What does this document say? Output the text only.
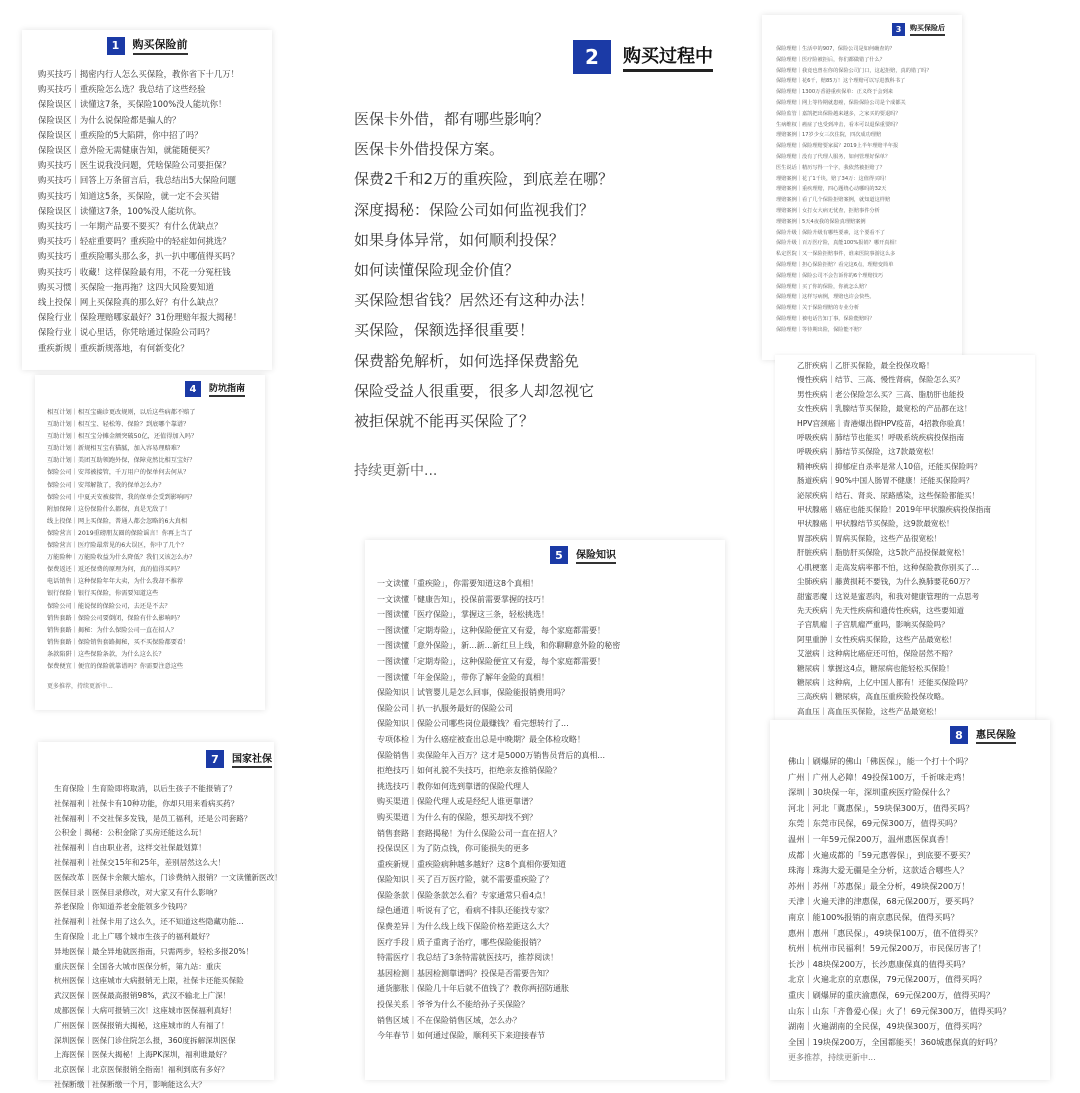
1	购买保险前
购买技巧｜揭密内行人怎么买保险，教你省下十几万！
购买技巧｜重疾险怎么选？我总结了这些经验
保险误区｜读懂这7条，买保险100%没人能坑你！
保险误区｜为什么说保险都是骗人的？
保险误区｜重疾险的5大陷阱，你中招了吗？
保险误区｜意外险无需健康告知，就能随便买？
购买技巧｜医生说我没问题，凭啥保险公司要拒保？
购买技巧｜回答上万条留言后，我总结出5大保险问题
购买技巧｜知道这5条，买保险，就一定不会买错
保险误区｜读懂这7条，100%没人能坑你。
购买技巧｜一年期产品要不要买？有什么优缺点？
购买技巧｜轻症重要吗？重疾险中的轻症如何挑选？
购买技巧｜重疾险哪头那么多，扒一扒中哪值得买吗？
购买技巧｜收藏！这样保险最有用，不花一分冤枉钱
购买习惯｜买保险一拖再拖？这四大风险要知道
线上投保｜网上买保险真的那么好？有什么缺点？
保险行业｜保险理赔哪家最好？31份理赔年报大揭秘！
保险行业｜说心里话，你凭啥通过保险公司吗？
重疾新规｜重疾新规落地，有何新变化？
4	防坑指南
相互计划｜相互宝确诊更改规则，以后这些病都不赔了
互助计划｜相互宝、轻松筹、保险？到底哪个靠谱？
互助计划｜相互宝分摊金额突破50亿，还值得加入吗？
互助计划｜新规相互宝有猫腻，加入容易理赔难？
互助计划｜美团互助领跑外保，保障竟然比相互宝好？
保险公司｜安邦被接管，千万用户的保单何去何从？
保险公司｜安邦解散了，我的保单怎么办？
保险公司｜中夏天安被接管，我的保单会受到影响吗？
附加保障｜这份保险什么都保，真是无敌了！
线上投保｜网上买保险，普通人都会忽略的6大真相
保险营言｜2019重磅朋友圈的保险谣言！你再上当了
保险营言｜医疗险最常见的6大误区，你中了几个？
万能险种｜万能险收益为什么降低？我们又该怎么办？
保费返还｜返还保费的原理为何，真的值得买吗？
电话销售｜这种保险年年大卖，为什么我却不推荐
银行保险｜银行买保险，你需要知道这些
保险公司｜能说保的保险公司，去还是不去？
销售套路｜保险公司要倒闭，保险有什么影响吗？
销售套路｜揭秘：为什么保险公司一直在招人？
销售套路｜保险销售套路揭秘，买不买保险都要看！
条款陷阱｜这些保险条款，为什么这么长？
保费便宜｜便宜的保险就靠谱吗？你需要注意这些
更多推荐，持续更新中...
7	国家社保
生育保险｜生育险即将取消，以后生孩子不能报销了？
社保福利｜社保卡有10种功能，你却只用来看病买药？
社保福利｜不交社保多发钱，是员工福利，还是公司套路？
公积金｜揭秘：公积金除了买房还能这么玩！
社保福利｜自由职业者，这样交社保最划算！
社保福利｜社保交15年和25年，差别居然这么大！
医保改革｜医保卡余额大缩水，门诊费纳入报销？一文读懂新医改！
医保目录｜医保目录修改，对大家又有什么影响？
养老保险｜你知道养老金能领多少钱吗？
社保福利｜社保卡用了这么久，还不知道这些隐藏功能...
生育保险｜北上广哪个城市生孩子的福利最好？
异地医保｜最全异地就医指南，只需两步，轻松多报20%！
重庆医保｜全国各大城市医保分析，第九站：重庆
杭州医保｜这座城市大病报销无上限，社保卡还能买保险
武汉医保｜医保最高报销98%，武汉不输北上广深！
成都医保｜大病可报销三次！这座城市医保福利真好！
广州医保｜医保报销大揭秘，这座城市的人有福了！
深圳医保｜医保门诊住院怎么报，360度拆解深圳医保
上海医保｜医保大揭秘！上海PK深圳，福利谁最好？
北京医保｜北京医保报销全指南！福利到底有多好？
社保断缴｜社保断缴一个月，影响能这么大？
2	购买过程中
医保卡外借，都有哪些影响？
医保卡外借投保方案。
保费2千和2万的重疾险，到底差在哪？
深度揭秘：保险公司如何监视我们？
如果身体异常，如何顺利投保？
如何读懂保险现金价值？
买保险想省钱？居然还有这种办法！
买保险，保额选择很重要！
保费豁免解析，如何选择保费豁免
保险受益人很重要，很多人却忽视它
被拒保就不能再买保险了？
持续更新中...
3	购买保险后
保险理赔｜生活中的907，保险公司是如何确查的？
保险理赔｜医疗险被拒后，你们都做错了什么？
保险理赔｜我竟也曾在你的保险公司门口，这起拒赔，真的错了吗？
保险理赔｜花6千，赔85万！这个理赔可以写进教科书了
保险理赔｜1300万香港重疾保单：正义终于会到来
保险理赔｜网上等待期就患癌，保险保险公司是个成都关
保险监管｜嘉凯把出保险越来越多，之家买的要退吗？
生病维权｜癌症了也受到冲击，看本可以退保重要吗？
理赔案例｜17岁少女三次住院，四次成功理赔
保险理赔｜保险理赔要家属？2019上半年理赔半年报
保险理赔｜没有了代理人服务，如何管理好保单？
医生说话｜精历写得一个字，我依然被拒赔了？
理赔案例｜花了1千块，赔了34万：这值得买吗！
理赔案例｜重疾理赔，四心题绕心动哪吗的32天
理赔案例｜看了几个保险拒赔案例，就知道这样赔
理赔案例｜女打女大病无忧查，拒赔事件分析
理赔案例｜5天4夜我的保险真理赔案例
保险升级｜保险升级有哪些要素，这个要看不了
保险升级｜百万医疗险，真能100%报销？哪开真相！
私定医院｜又一保险拒赔事件，谁来医院事游这么多
保险理赔｜担心保险拒赔？看完这6点，理赔变简单
保险理赔｜保险公司不会告诉你的6个理赔技巧
保险理赔｜买了你的保险，你就怎么赔？
保险理赔｜这样写病例，理赔也许会快些。
保险理赔｜关于保险理赔的专业分析
保险理赔｜被电话告知丁事，保险能赔吗？
保险理赔｜等待期出险，保险能不赔？
乙肝疾病｜乙肝买保险，最全投保攻略！
慢性疾病｜结节、三高、慢性肾病，保险怎么买？
男性疾病｜老公保险怎么买？三高、脂肪肝也能投
女性疾病｜乳腺结节买保险，最宽松的产品都在这！
HPV宫颈癌｜青港爆出假HPV疫苗，4招教你验真！
呼吸疾病｜肺结节也能买！呼吸系统疾病投保指南
呼吸疾病｜肺结节买保险，这7款最宽松！
精神疾病｜抑郁症自杀率是常人10倍，还能买保险吗？
肠道疾病｜90%中国人肠胃不健康！还能买保险吗？
泌尿疾病｜结石、肾炎、尿路感染，这些保险都能买！
甲状腺癌｜癌症也能买保险！2019年甲状腺疾病投保指南
甲状腺癌｜甲状腺结节买保险，这9款最宽松！
胃部疾病｜胃病买保险，这些产品很宽松！
肝脏疾病｜脂肪肝买保险，这5款产品投保最宽松！
心肌梗塞｜走高发病率都不怕，这种保险教你别买了…
尘肺疾病｜藤黄损耗不要钱，为什么换肺要花60万？
甜蜜恶魔｜这说是蜜恶肉，和我对健康管理的一点思考
先天疾病｜先天性疾病和遗传性疾病，这些要知道
子宫肌瘤｜子宫肌瘤严重吗，影响买保险吗？
阿里重肿｜女性疾病买保险，这些产品最宽松！
艾滋病｜这种病比癌症还可怕，保险居然不赔？
糖尿病｜掌握这4点，糖尿病也能轻松买保险！
糖尿病｜这种病，上亿中国人都有！还能买保险吗？
三高疾病｜糖尿病，高血压重疾险投保攻略。
高血压｜高血压买保险，这些产品最宽松！
5	保险知识
一文读懂「重疾险」，你需要知道这8个真相！
一文读懂「健康告知」，投保前需要掌握的技巧！
一图读懂「医疗保险」，掌握这三条，轻松挑选！
一图读懂「定期寿险」，这种保险便宜又有爱，每个家庭都需要！
一图读懂「意外保险」，新...新...新红旦上线，和你聊聊意外险的秘密
一图读懂「定期寿险」，这种保险便宜又有爱，每个家庭都需要！
一图读懂「年金保险」，带你了解年金险的真相！
保险知识｜试管婴儿是怎么回事，保险能报销费用吗？
保险公司｜扒一扒服务最好的保险公司
保险知识｜保险公司哪些岗位最赚钱？看完想转行了...
专项体检｜为什么癌症被查出总是中晚期？最全体检攻略！
保险销售｜卖保险年入百万？这才是5000万销售员背后的真相...
拒绝技巧｜如何礼貌不失技巧，拒绝亲友推销保险？
挑选技巧｜教你如何选到靠谱的保险代理人
购买渠道｜保险代理人或是经纪人谁更靠谱？
购买渠道｜为什么有的保险，想买却找不到？
销售套路｜套路揭秘！为什么保险公司一直在招人？
投保误区｜为了防点钱，你可能损失的更多
重疾新规｜重疾险病种越多越好？这8个真相你要知道
保险知识｜买了百万医疗险，就不需要重疾险了？
保险条款｜保险条款怎么看？专家通常只看4点！
绿色通道｜听说有了它，看病不排队还能找专家？
保费差异｜为什么线上线下保险价格差距这么大？
医疗手段｜质子重离子治疗，哪些保险能报销？
特需医疗｜我总结了3条特需就医技巧，推荐阅读！
基因检测｜基因检测靠谱吗？投保是否需要告知？
通货膨胀｜保险几十年后就不值钱了？教你两招防通胀
投保关系｜爷爷为什么不能给孙子买保险？
销售区域｜不在保险销售区域，怎么办？
今年春节｜如何通过保险，顺利买下来迎接春节
8	惠民保险
佛山｜刷爆屏的佛山「佛医保」，能一个打十个吗？
广州｜广州人必障！49投保100万，千祈咪走鸡！
深圳｜30块保一年，深圳重疾医疗险保什么？
河北｜河北「冀惠保」，59块保300万，值得买吗？
东莞｜东莞市民保，69元保300万，值得买吗？
温州｜一年59元保200万，温州惠医保真香！
成都｜火遍成都的「59元惠蓉保」，到底要不要买？
珠海｜珠海大爱无疆是全分析，这款适合哪些人？
苏州｜苏州「苏惠保」最全分析，49块保200万！
天津｜火遍天津的津惠保，68元保200万，要买吗？
南京｜能100%报销的南京惠民保，值得买吗？
惠州｜惠州「惠民保」，49块保100万，值不值得买？
杭州｜杭州市民福利！59元保200万，市民保厉害了！
长沙｜48块保200万，长沙惠康保真的值得买吗？
北京｜火遍北京的京惠保，79元保200万，值得买吗？
重庆｜刷爆屏的重庆渝惠保，69元保200万，值得买吗？
山东｜山东「齐鲁爱心保」火了！69元保300万，值得买吗？
湖南｜火遍湖南的全民保，49块保300万，值得买吗？
全国｜19块保200万，全国都能买！360城惠保真的好吗？
更多推荐，持续更新中...
